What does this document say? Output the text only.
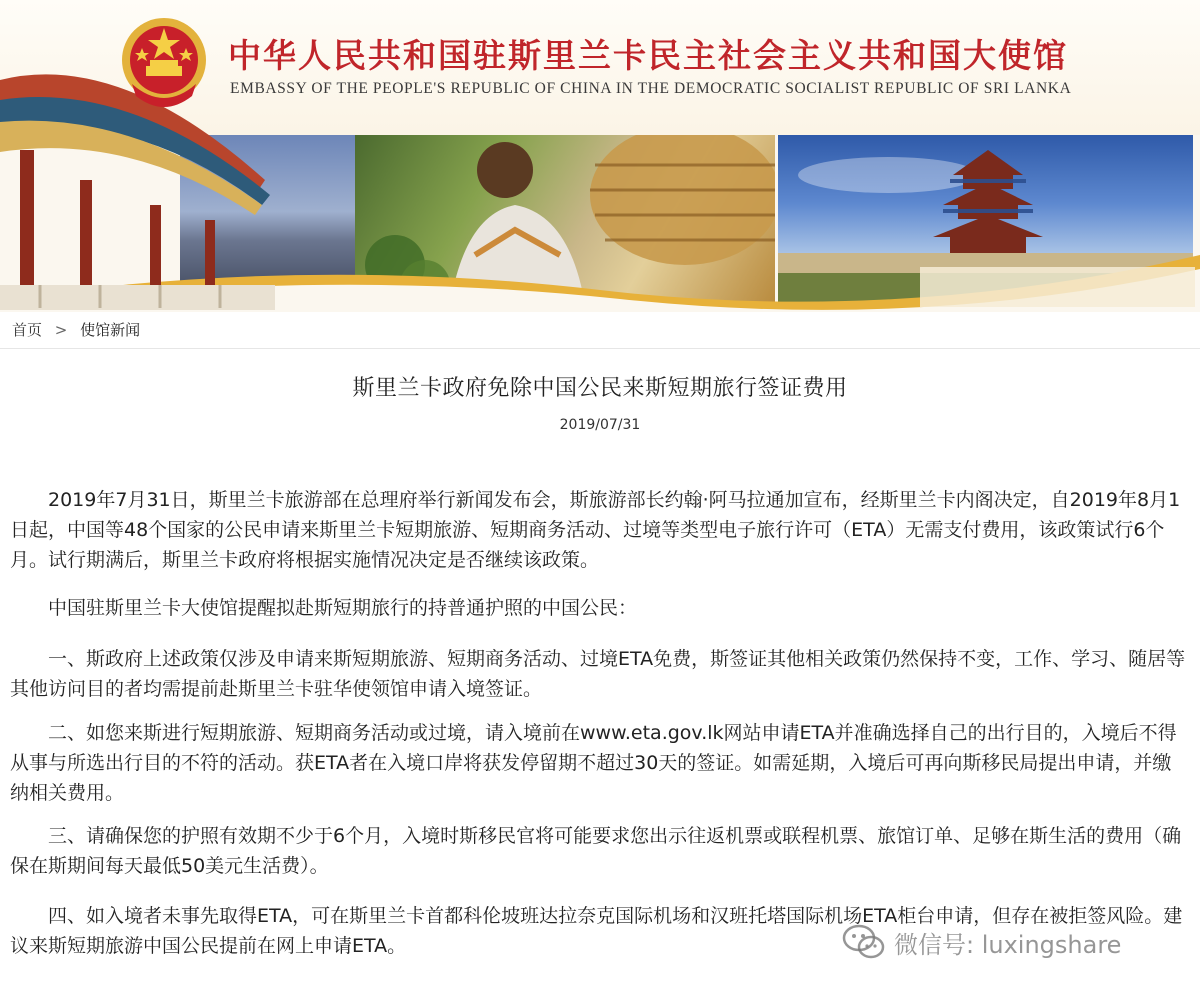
中华人民共和国驻斯里兰卡民主社会主义共和国大使馆
EMBASSY OF THE PEOPLE'S REPUBLIC OF CHINA IN THE DEMOCRATIC SOCIALIST REPUBLIC OF SRI LANKA
首页 > 使馆新闻
斯里兰卡政府免除中国公民来斯短期旅行签证费用
2019/07/31

2019年7月31日，斯里兰卡旅游部在总理府举行新闻发布会，斯旅游部长约翰·阿马拉通加宣布，经斯里兰卡内阁决定，自2019年8月1日起，中国等48个国家的公民申请来斯里兰卡短期旅游、短期商务活动、过境等类型电子旅行许可（ETA）无需支付费用，该政策试行6个月。试行期满后，斯里兰卡政府将根据实施情况决定是否继续该政策。

中国驻斯里兰卡大使馆提醒拟赴斯短期旅行的持普通护照的中国公民：

一、斯政府上述政策仅涉及申请来斯短期旅游、短期商务活动、过境ETA免费，斯签证其他相关政策仍然保持不变，工作、学习、随居等其他访问目的者均需提前赴斯里兰卡驻华使领馆申请入境签证。

二、如您来斯进行短期旅游、短期商务活动或过境，请入境前在www.eta.gov.lk网站申请ETA并准确选择自己的出行目的，入境后不得从事与所选出行目的不符的活动。获ETA者在入境口岸将获发停留期不超过30天的签证。如需延期，入境后可再向斯移民局提出申请，并缴纳相关费用。

三、请确保您的护照有效期不少于6个月，入境时斯移民官将可能要求您出示往返机票或联程机票、旅馆订单、足够在斯生活的费用（确保在斯期间每天最低50美元生活费）。

四、如入境者未事先取得ETA，可在斯里兰卡首都科伦坡班达拉奈克国际机场和汉班托塔国际机场ETA柜台申请，但存在被拒签风险。建议来斯短期旅游中国公民提前在网上申请ETA。	微信号: luxingshare
